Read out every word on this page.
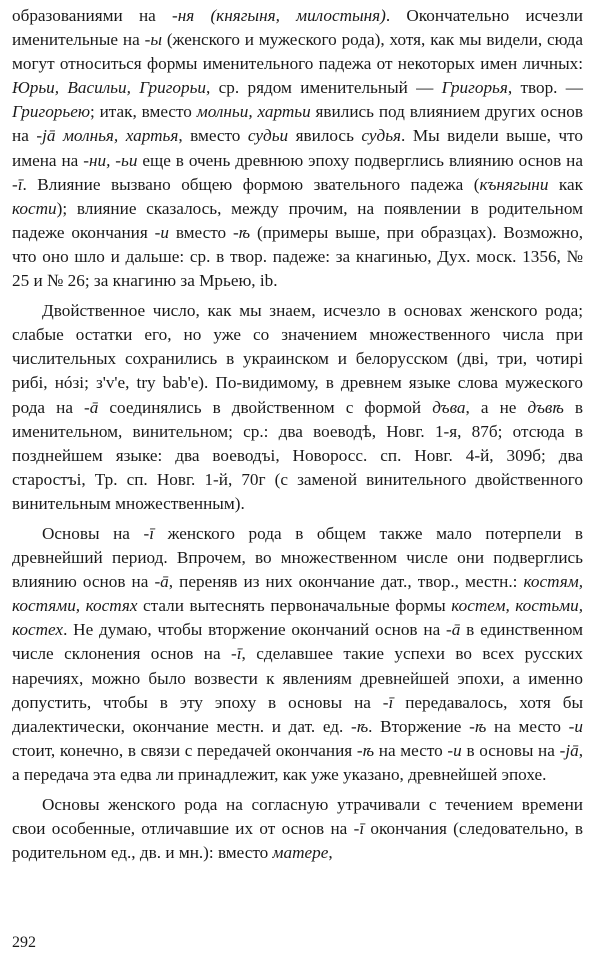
образованиями на -ня (княгыня, милостыня). Окончательно исчезли именительные на -ы (женского и мужеского рода), хотя, как мы видели, сюда могут относиться формы именительного падежа от некоторых имен личных: Юрьи, Васильи, Григорьи, ср. рядом именительный — Григорья, твор. — Григорьею; итак, вместо молньи, хартьи явились под влиянием других основ на -jā молнья, хартья, вместо судьи явилось судья. Мы видели выше, что имена на -ни, -ьи еще в очень древнюю эпоху подверглись влиянию основ на -ī. Влияние вызвано общею формою звательного падежа (кънягыни как кости); влияние сказалось, между прочим, на появлении в родительном падеже окончания -и вместо -ѣ (примеры выше, при образцах). Возможно, что оно шло и дальше: ср. в твор. падеже: за кнагинью, Дух. моск. 1356, № 25 и № 26; за кнагиню за Мрьею, ib.

Двойственное число, как мы знаем, исчезло в основах женского рода; слабые остатки его, но уже со значением множественного числа при числительных сохранились в украинском и белорусском (дві, три, чотирі рибі, нóзі; з'v'e, try bab'e). По-видимому, в древнем языке слова мужеского рода на -ā соединялись в двойственном с формой дъва, а не дъвѣ в именительном, винительном; ср.: два воеводѣ, Новг. 1-я, 87б; отсюда в позднейшем языке: два воеводъі, Новоросс. сп. Новг. 4-й, 309б; два старостъі, Тр. сп. Новг. 1-й, 70г (с заменой винительного двойственного винительным множественным).

Основы на -ī женского рода в общем также мало потерпели в древнейший период. Впрочем, во множественном числе они подверглись влиянию основ на -ā, переняв из них окончание дат., твор., местн.: костям, костями, костях стали вытеснять первоначальные формы костем, костьми, костех. Не думаю, чтобы вторжение окончаний основ на -ā в единственном числе склонения основ на -ī, сделавшее такие успехи во всех русских наречиях, можно было возвести к явлениям древнейшей эпохи, а именно допустить, чтобы в эту эпоху в основы на -ī передавалось, хотя бы диалектически, окончание местн. и дат. ед. -ѣ. Вторжение -ѣ на место -и стоит, конечно, в связи с передачей окончания -ѣ на место -и в основы на -jā, а передача эта едва ли принадлежит, как уже указано, древнейшей эпохе.

Основы женского рода на согласную утрачивали с течением времени свои особенные, отличавшие их от основ на -ī окончания (следовательно, в родительном ед., дв. и мн.): вместо матере,

292
